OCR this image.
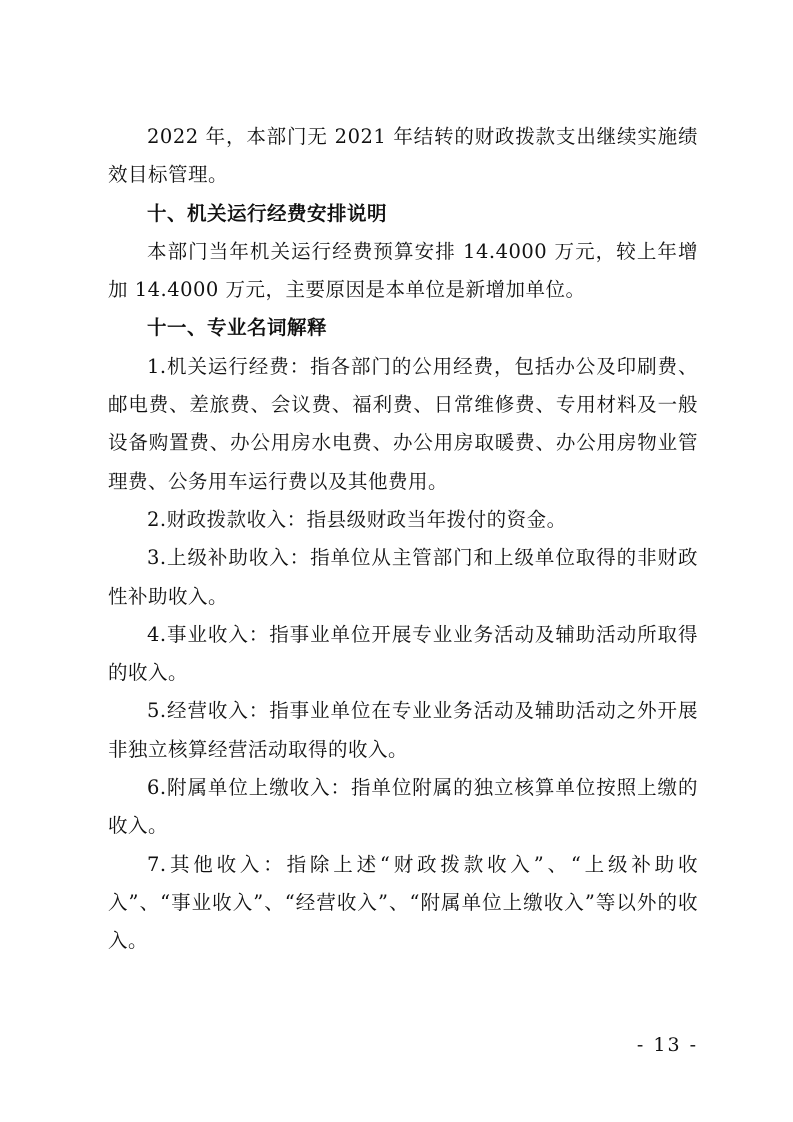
2022 年，本部门无 2021 年结转的财政拨款支出继续实施绩效目标管理。

十、机关运行经费安排说明

本部门当年机关运行经费预算安排 14.4000 万元，较上年增加 14.4000 万元，主要原因是本单位是新增加单位。

十一、专业名词解释

1.机关运行经费：指各部门的公用经费，包括办公及印刷费、邮电费、差旅费、会议费、福利费、日常维修费、专用材料及一般设备购置费、办公用房水电费、办公用房取暖费、办公用房物业管理费、公务用车运行费以及其他费用。

2.财政拨款收入：指县级财政当年拨付的资金。

3.上级补助收入：指单位从主管部门和上级单位取得的非财政性补助收入。

4.事业收入：指事业单位开展专业业务活动及辅助活动所取得的收入。

5.经营收入：指事业单位在专业业务活动及辅助活动之外开展非独立核算经营活动取得的收入。

6.附属单位上缴收入：指单位附属的独立核算单位按照上缴的收入。

7.其他收入：指除上述“财政拨款收入”、“上级补助收入”、“事业收入”、“经营收入”、“附属单位上缴收入”等以外的收入。

- 13 -
